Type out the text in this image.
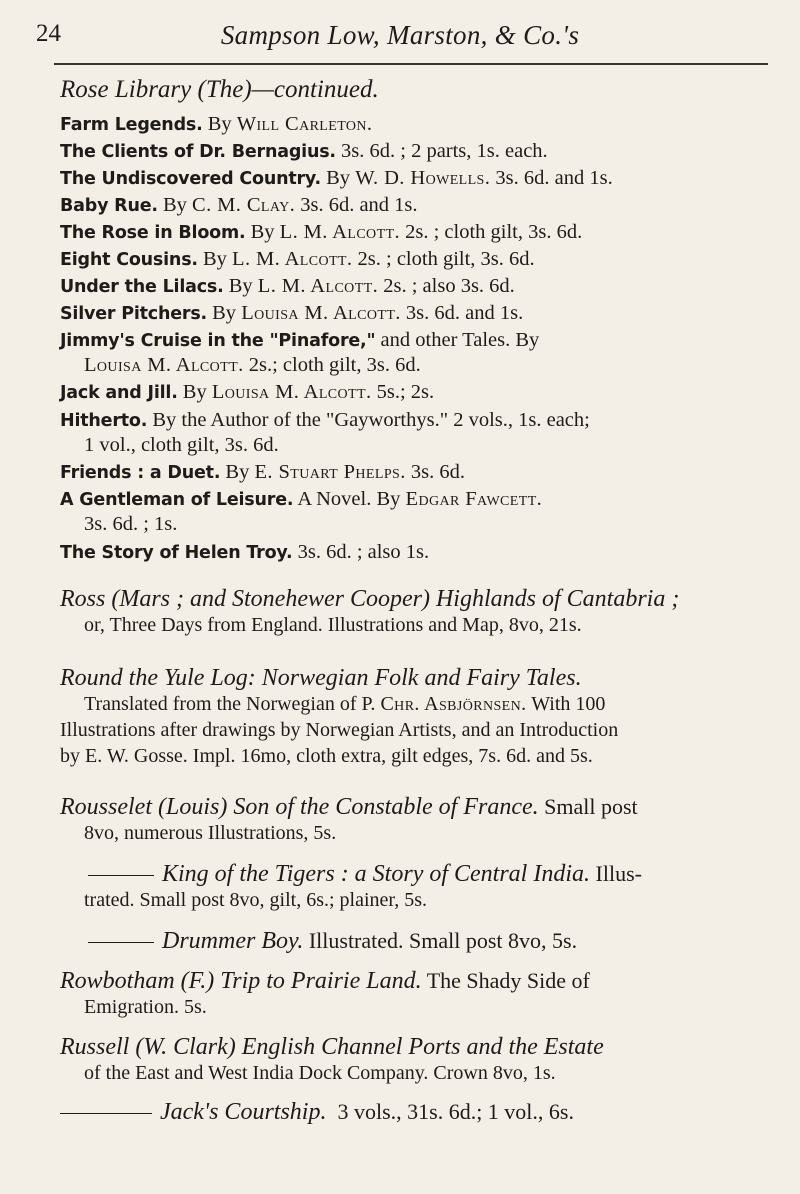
24	Sampson Low, Marston, & Co.'s
Rose Library (The)—continued.
Farm Legends. By Will Carleton.
The Clients of Dr. Bernagius. 3s. 6d. ; 2 parts, 1s. each.
The Undiscovered Country. By W. D. Howells. 3s. 6d. and 1s.
Baby Rue. By C. M. Clay. 3s. 6d. and 1s.
The Rose in Bloom. By L. M. Alcott. 2s. ; cloth gilt, 3s. 6d.
Eight Cousins. By L. M. Alcott. 2s. ; cloth gilt, 3s. 6d.
Under the Lilacs. By L. M. Alcott. 2s. ; also 3s. 6d.
Silver Pitchers. By Louisa M. Alcott. 3s. 6d. and 1s.
Jimmy's Cruise in the "Pinafore," and other Tales. By
Louisa M. Alcott. 2s.; cloth gilt, 3s. 6d.
Jack and Jill. By Louisa M. Alcott. 5s.; 2s.
Hitherto. By the Author of the "Gayworthys." 2 vols., 1s. each;
1 vol., cloth gilt, 3s. 6d.
Friends : a Duet. By E. Stuart Phelps. 3s. 6d.
A Gentleman of Leisure. A Novel. By Edgar Fawcett.
3s. 6d. ; 1s.
The Story of Helen Troy. 3s. 6d. ; also 1s.
Ross (Mars ; and Stonehewer Cooper) Highlands of Cantabria ;
or, Three Days from England. Illustrations and Map, 8vo, 21s.
Round the Yule Log: Norwegian Folk and Fairy Tales.
Translated from the Norwegian of P. Chr. Asbjörnsen. With 100
Illustrations after drawings by Norwegian Artists, and an Introduction
by E. W. Gosse. Impl. 16mo, cloth extra, gilt edges, 7s. 6d. and 5s.
Rousselet (Louis) Son of the Constable of France. Small post
8vo, numerous Illustrations, 5s.
King of the Tigers : a Story of Central India. Illus-
trated. Small post 8vo, gilt, 6s.; plainer, 5s.
Drummer Boy. Illustrated. Small post 8vo, 5s.
Rowbotham (F.) Trip to Prairie Land. The Shady Side of
Emigration. 5s.
Russell (W. Clark) English Channel Ports and the Estate
of the East and West India Dock Company. Crown 8vo, 1s.
Jack's Courtship. 3 vols., 31s. 6d.; 1 vol., 6s.
